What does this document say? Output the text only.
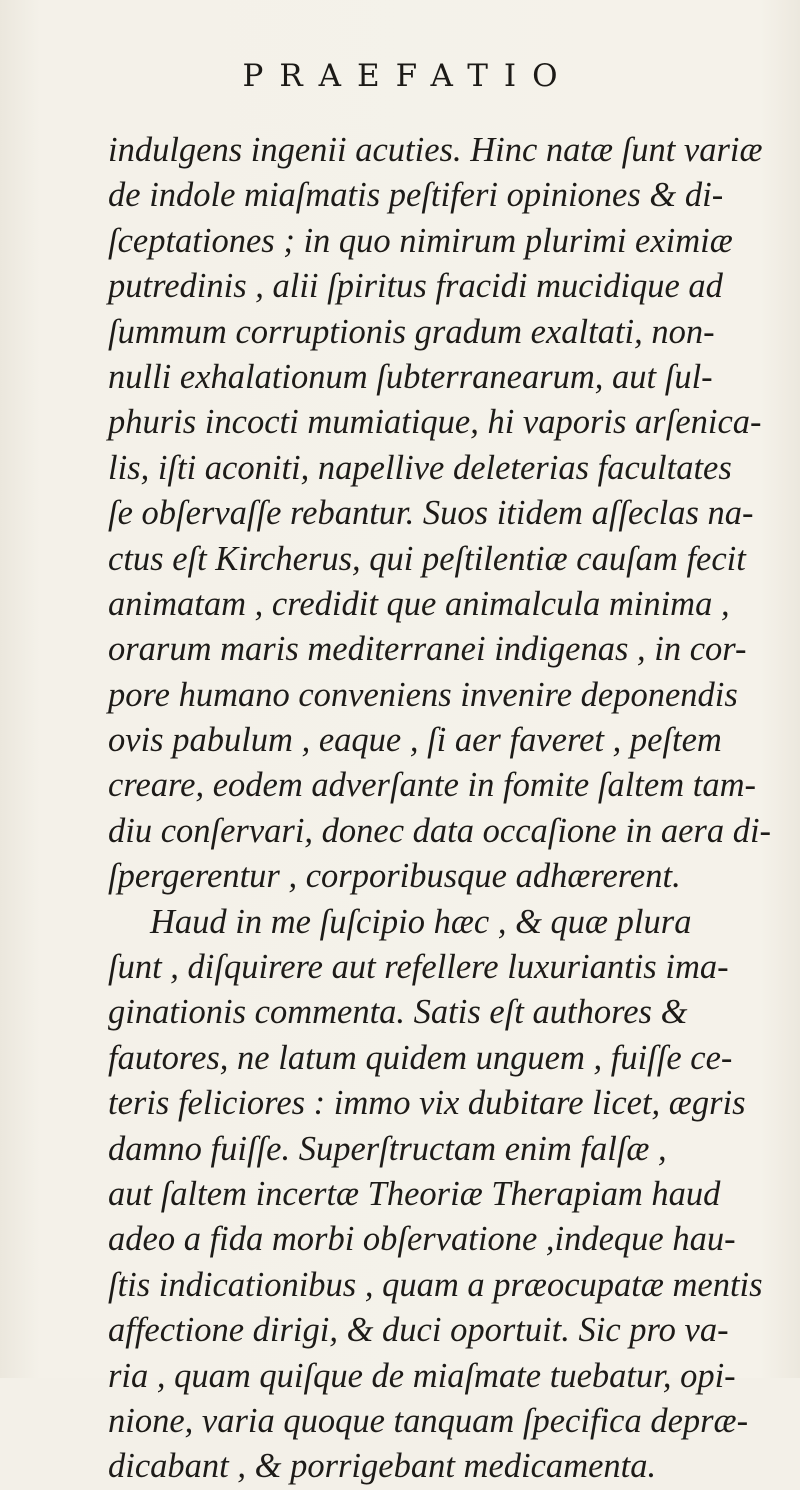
PRAEFATIO
indulgens ingenii acuties. Hinc natæ ſunt variæ
de indole miaſmatis peſtiferi opiniones & di-
ſceptationes ; in quo nimirum plurimi eximiæ
putredinis , alii ſpiritus fracidi mucidique ad
ſummum corruptionis gradum exaltati, non-
nulli exhalationum ſubterranearum, aut ſul-
phuris incocti mumiatique, hi vaporis arſenica-
lis, iſti aconiti, napellive deleterias facultates
ſe obſervaſſe rebantur. Suos itidem aſſeclas na-
ctus eſt Kircherus, qui peſtilentiæ cauſam fecit
animatam , credidit que animalcula minima ,
orarum maris mediterranei indigenas , in cor-
pore humano conveniens invenire deponendis
ovis pabulum , eaque , ſi aer faveret , peſtem
creare, eodem adverſante in fomite ſaltem tam-
diu conſervari, donec data occaſione in aera di-
ſpergerentur , corporibusque adhærerent.
Haud in me ſuſcipio hæc , & quæ plura
ſunt , diſquirere aut refellere luxuriantis ima-
ginationis commenta. Satis eſt authores &
fautores, ne latum quidem unguem , fuiſſe ce-
teris feliciores : immo vix dubitare licet, ægris
damno fuiſſe. Superſtructam enim falſæ ,
aut ſaltem incertæ Theoriæ Therapiam haud
adeo a fida morbi obſervatione ,indeque hau-
ſtis indicationibus , quam a præocupatæ mentis
affectione dirigi, & duci oportuit. Sic pro va-
ria , quam quiſque de miaſmate tuebatur, opi-
nione, varia quoque tanquam ſpecifica depræ-
dicabant , & porrigebant medicamenta.
